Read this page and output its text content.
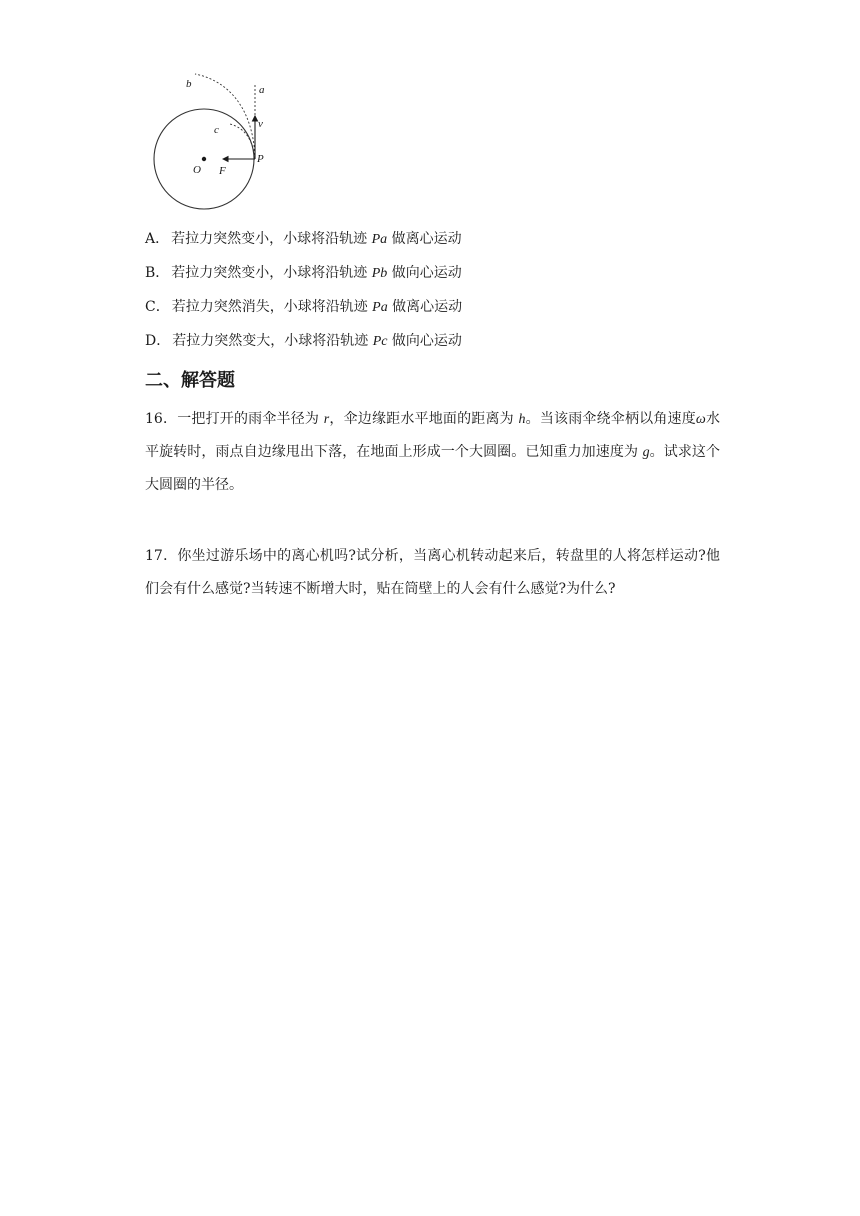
b	a
c	v
P
O F
A． 若拉力突然变小，小球将沿轨迹 Pa 做离心运动
B． 若拉力突然变小，小球将沿轨迹 Pb 做向心运动
C． 若拉力突然消失，小球将沿轨迹 Pa 做离心运动
D． 若拉力突然变大，小球将沿轨迹 Pc 做向心运动
二、解答题
16．一把打开的雨伞半径为 r，伞边缘距水平地面的距离为 h。当该雨伞绕伞柄以角速度ω水平旋转时，雨点自边缘甩出下落，在地面上形成一个大圆圈。已知重力加速度为 g。试求这个大圆圈的半径。
17．你坐过游乐场中的离心机吗?试分析，当离心机转动起来后，转盘里的人将怎样运动?他们会有什么感觉?当转速不断增大时，贴在筒壁上的人会有什么感觉?为什么?
